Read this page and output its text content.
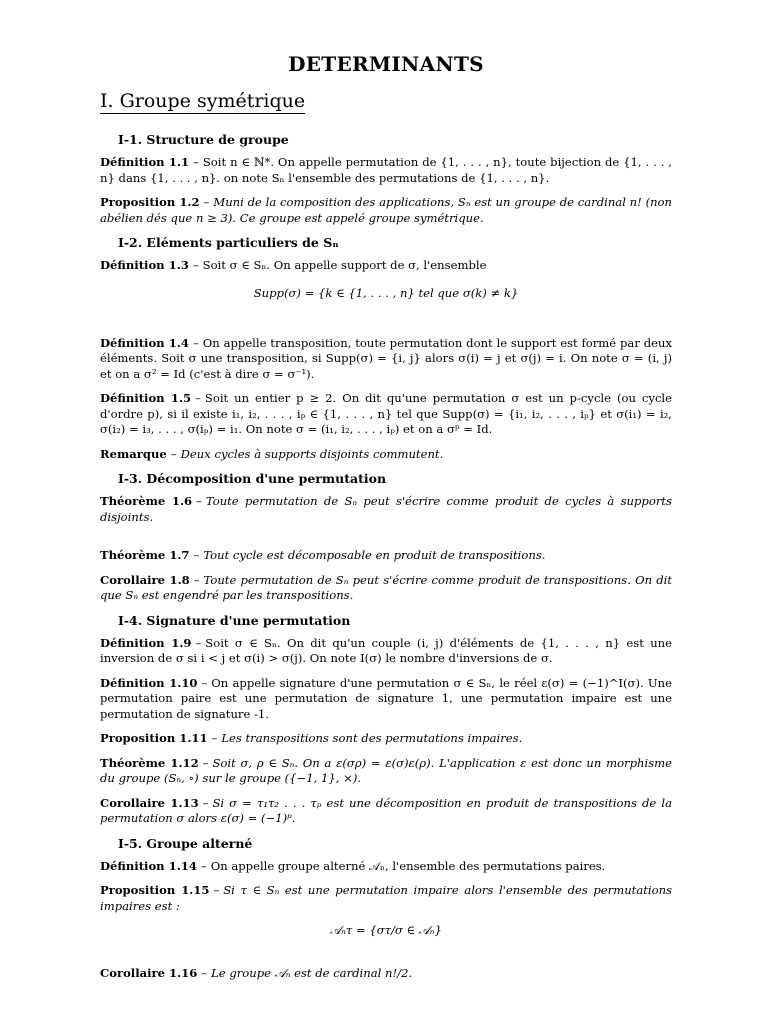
DETERMINANTS
I. Groupe symétrique
I-1. Structure de groupe
Définition 1.1 – Soit n ∈ ℕ*. On appelle permutation de {1, . . . , n}, toute bijection de {1, . . . , n} dans {1, . . . , n}. on note Sₙ l'ensemble des permutations de {1, . . . , n}.
Proposition 1.2 – Muni de la composition des applications, Sₙ est un groupe de cardinal n! (non abélien dés que n ≥ 3). Ce groupe est appelé groupe symétrique.
I-2. Eléments particuliers de Sₙ
Définition 1.3 – Soit σ ∈ Sₙ. On appelle support de σ, l'ensemble
Supp(σ) = {k ∈ {1, . . . , n} tel que σ(k) ≠ k}
Définition 1.4 – On appelle transposition, toute permutation dont le support est formé par deux éléments. Soit σ une transposition, si Supp(σ) = {i, j} alors σ(i) = j et σ(j) = i. On note σ = (i, j) et on a σ² = Id (c'est à dire σ = σ⁻¹).
Définition 1.5 – Soit un entier p ≥ 2. On dit qu'une permutation σ est un p-cycle (ou cycle d'ordre p), si il existe i₁, i₂, . . . , iₚ ∈ {1, . . . , n} tel que Supp(σ) = {i₁, i₂, . . . , iₚ} et σ(i₁) = i₂, σ(i₂) = i₃, . . . , σ(iₚ) = i₁. On note σ = (i₁, i₂, . . . , iₚ) et on a σᵖ = Id.
Remarque – Deux cycles à supports disjoints commutent.
I-3. Décomposition d'une permutation
Théorème 1.6 – Toute permutation de Sₙ peut s'écrire comme produit de cycles à supports disjoints.
Théorème 1.7 – Tout cycle est décomposable en produit de transpositions.
Corollaire 1.8 – Toute permutation de Sₙ peut s'écrire comme produit de transpositions. On dit que Sₙ est engendré par les transpositions.
I-4. Signature d'une permutation
Définition 1.9 – Soit σ ∈ Sₙ. On dit qu'un couple (i, j) d'éléments de {1, . . . , n} est une inversion de σ si i < j et σ(i) > σ(j). On note I(σ) le nombre d'inversions de σ.
Définition 1.10 – On appelle signature d'une permutation σ ∈ Sₙ, le réel ε(σ) = (−1)^I(σ). Une permutation paire est une permutation de signature 1, une permutation impaire est une permutation de signature -1.
Proposition 1.11 – Les transpositions sont des permutations impaires.
Théorème 1.12 – Soit σ, ρ ∈ Sₙ. On a ε(σρ) = ε(σ)ε(ρ). L'application ε est donc un morphisme du groupe (Sₙ, ∘) sur le groupe ({−1, 1}, ×).
Corollaire 1.13 – Si σ = τ₁τ₂ . . . τₚ est une décomposition en produit de transpositions de la permutation σ alors ε(σ) = (−1)ᵖ.
I-5. Groupe alterné
Définition 1.14 – On appelle groupe alterné 𝒜ₙ, l'ensemble des permutations paires.
Proposition 1.15 – Si τ ∈ Sₙ est une permutation impaire alors l'ensemble des permutations impaires est :
𝒜ₙτ = {στ/σ ∈ 𝒜ₙ}
Corollaire 1.16 – Le groupe 𝒜ₙ est de cardinal n!/2.
